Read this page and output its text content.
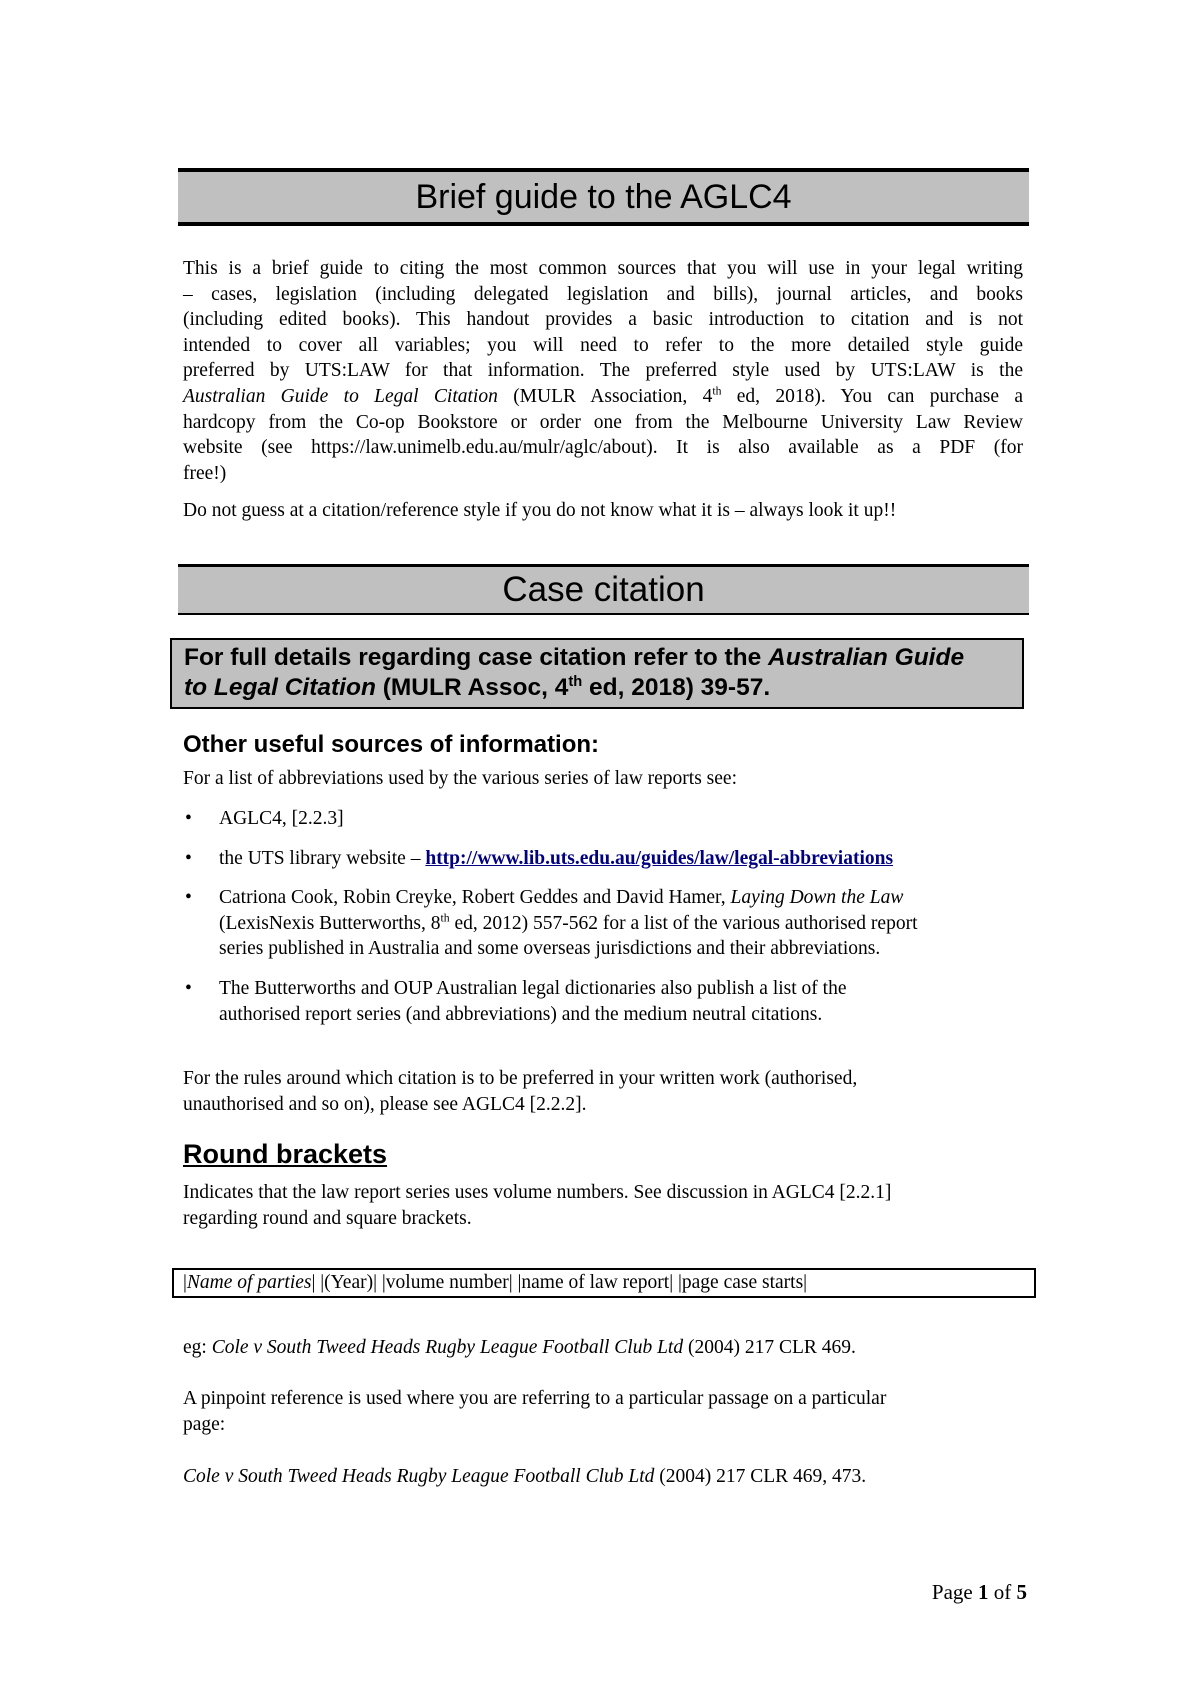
Brief guide to the AGLC4
This is a brief guide to citing the most common sources that you will use in your legal writing
– cases, legislation (including delegated legislation and bills), journal articles, and books
(including edited books). This handout provides a basic introduction to citation and is not
intended to cover all variables; you will need to refer to the more detailed style guide
preferred by UTS:LAW for that information. The preferred style used by UTS:LAW is the
Australian Guide to Legal Citation (MULR Association, 4th ed, 2018). You can purchase a
hardcopy from the Co-op Bookstore or order one from the Melbourne University Law Review
website (see https://law.unimelb.edu.au/mulr/aglc/about). It is also available as a PDF (for
free!)
Do not guess at a citation/reference style if you do not know what it is – always look it up!!
Case citation
For full details regarding case citation refer to the Australian Guide
to Legal Citation (MULR Assoc, 4th ed, 2018) 39-57.
Other useful sources of information:
For a list of abbreviations used by the various series of law reports see:
• AGLC4, [2.2.3]
• the UTS library website – http://www.lib.uts.edu.au/guides/law/legal-abbreviations
• Catriona Cook, Robin Creyke, Robert Geddes and David Hamer, Laying Down the Law
(LexisNexis Butterworths, 8th ed, 2012) 557-562 for a list of the various authorised report
series published in Australia and some overseas jurisdictions and their abbreviations.
• The Butterworths and OUP Australian legal dictionaries also publish a list of the
authorised report series (and abbreviations) and the medium neutral citations.
For the rules around which citation is to be preferred in your written work (authorised,
unauthorised and so on), please see AGLC4 [2.2.2].
Round brackets
Indicates that the law report series uses volume numbers. See discussion in AGLC4 [2.2.1]
regarding round and square brackets.
|Name of parties| |(Year)| |volume number| |name of law report| |page case starts|
eg: Cole v South Tweed Heads Rugby League Football Club Ltd (2004) 217 CLR 469.
A pinpoint reference is used where you are referring to a particular passage on a particular
page:
Cole v South Tweed Heads Rugby League Football Club Ltd (2004) 217 CLR 469, 473.
Page 1 of 5
